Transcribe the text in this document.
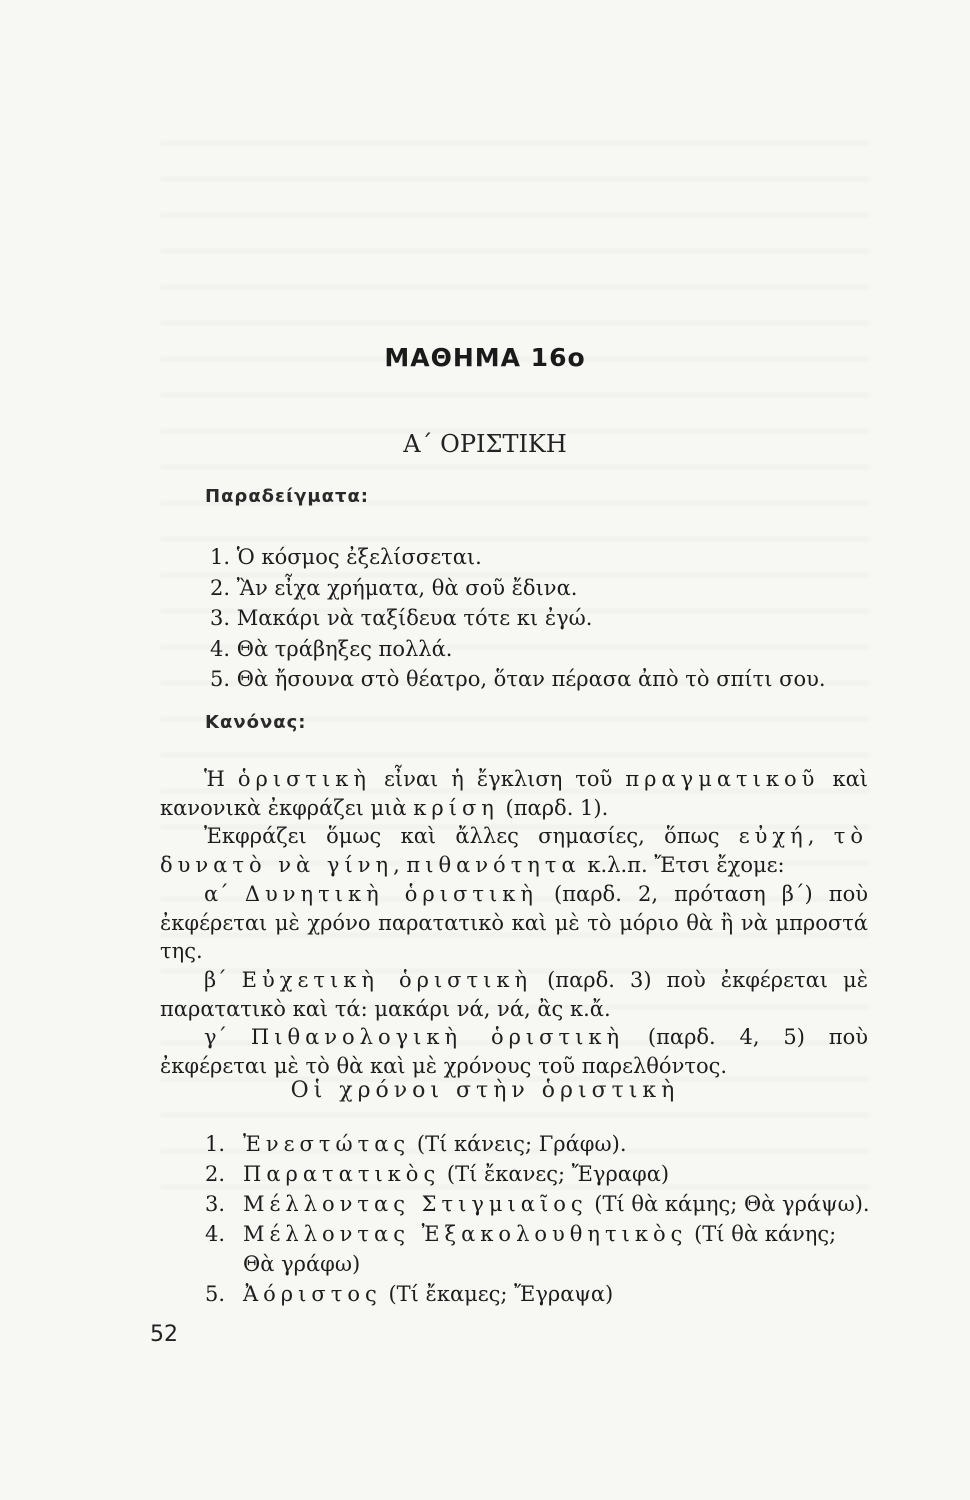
ΜΑΘΗΜΑ 16ο
Α΄ ΟΡΙΣΤΙΚΗ
Παραδείγματα:
1. Ὁ κόσμος ἐξελίσσεται.
2. Ἂν εἶχα χρήματα, θὰ σοῦ ἔδινα.
3. Μακάρι νὰ ταξίδευα τότε κι ἐγώ.
4. Θὰ τράβηξες πολλά.
5. Θὰ ἤσουνα στὸ θέατρο, ὅταν πέρασα ἀπὸ τὸ σπίτι σου.
Κανόνας:

Ἡ ὁριστικὴ εἶναι ἡ ἔγκλιση τοῦ πραγματικοῦ καὶ κανονικὰ ἐκφράζει μιὰ κρίση (παρδ. 1).

Ἐκφράζει ὅμως καὶ ἄλλες σημασίες, ὅπως εὐχή, τὸ δυνατὸ νὰ γίνη, πιθανότητα κ.λ.π. Ἔτσι ἔχομε:

α΄ Δυνητικὴ ὁριστικὴ (παρδ. 2, πρόταση β΄) ποὺ ἐκφέρεται μὲ χρόνο παρατατικὸ καὶ μὲ τὸ μόριο θὰ ἢ νὰ μπροστά της.

β΄ Εὐχετικὴ ὁριστικὴ (παρδ. 3) ποὺ ἐκφέρεται μὲ παρατατικὸ καὶ τά: μακάρι νά, νά, ἂς κ.ἄ.

γ΄ Πιθανολογικὴ ὁριστικὴ (παρδ. 4, 5) ποὺ ἐκφέρεται μὲ τὸ θὰ καὶ μὲ χρόνους τοῦ παρελθόντος.

Οἱ χρόνοι στὴν ὁριστικὴ
1. Ἐνεστώτας (Τί κάνεις; Γράφω).
2. Παρατατικὸς (Τί ἔκανες; Ἔγραφα)
3. Μέλλοντας Στιγμιαῖος (Τί θὰ κάμης; Θὰ γράψω).
4. Μέλλοντας Ἐξακολουθητικὸς (Τί θὰ κάνης; Θὰ γράφω)
5. Ἀόριστος (Τί ἔκαμες; Ἔγραψα)
52
